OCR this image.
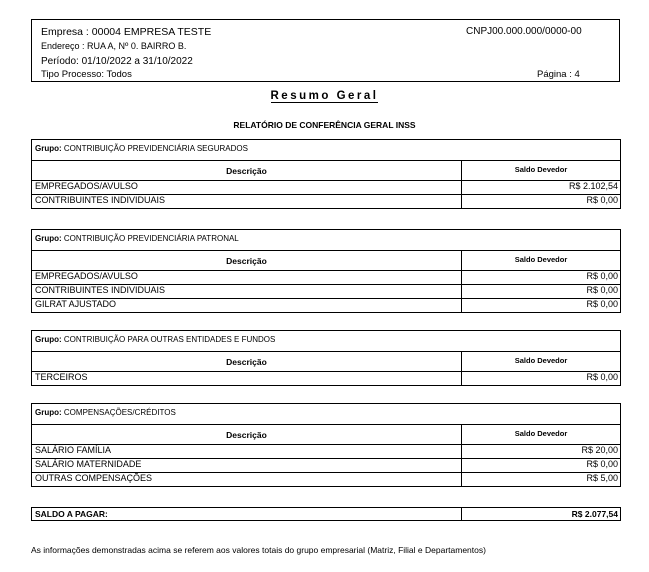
Empresa : 00004 EMPRESA TESTE	CNPJ00.000.000/0000-00
Endereço : RUA A, Nº 0. BAIRRO B.
Período: 01/10/2022 a 31/10/2022
Tipo Processo: Todos	Página : 4
Resumo Geral
RELATÓRIO DE CONFERÊNCIA GERAL INSS
Grupo: CONTRIBUIÇÃO PREVIDENCIÁRIA SEGURADOS
Descrição	Saldo Devedor
EMPREGADOS/AVULSO	R$ 2.102,54
CONTRIBUINTES INDIVIDUAIS	R$ 0,00
Grupo: CONTRIBUIÇÃO PREVIDENCIÁRIA PATRONAL
Descrição	Saldo Devedor
EMPREGADOS/AVULSO	R$ 0,00
CONTRIBUINTES INDIVIDUAIS	R$ 0,00
GILRAT AJUSTADO	R$ 0,00
Grupo: CONTRIBUIÇÃO PARA OUTRAS ENTIDADES E FUNDOS
Descrição	Saldo Devedor
TERCEIROS	R$ 0,00
Grupo: COMPENSAÇÕES/CRÉDITOS
Descrição	Saldo Devedor
SALÁRIO FAMÍLIA	R$ 20,00
SALÁRIO MATERNIDADE	R$ 0,00
OUTRAS COMPENSAÇÕES	R$ 5,00
SALDO A PAGAR:	R$ 2.077,54
As informações demonstradas acima se referem aos valores totais do grupo empresarial (Matriz, Filial e Departamentos)
